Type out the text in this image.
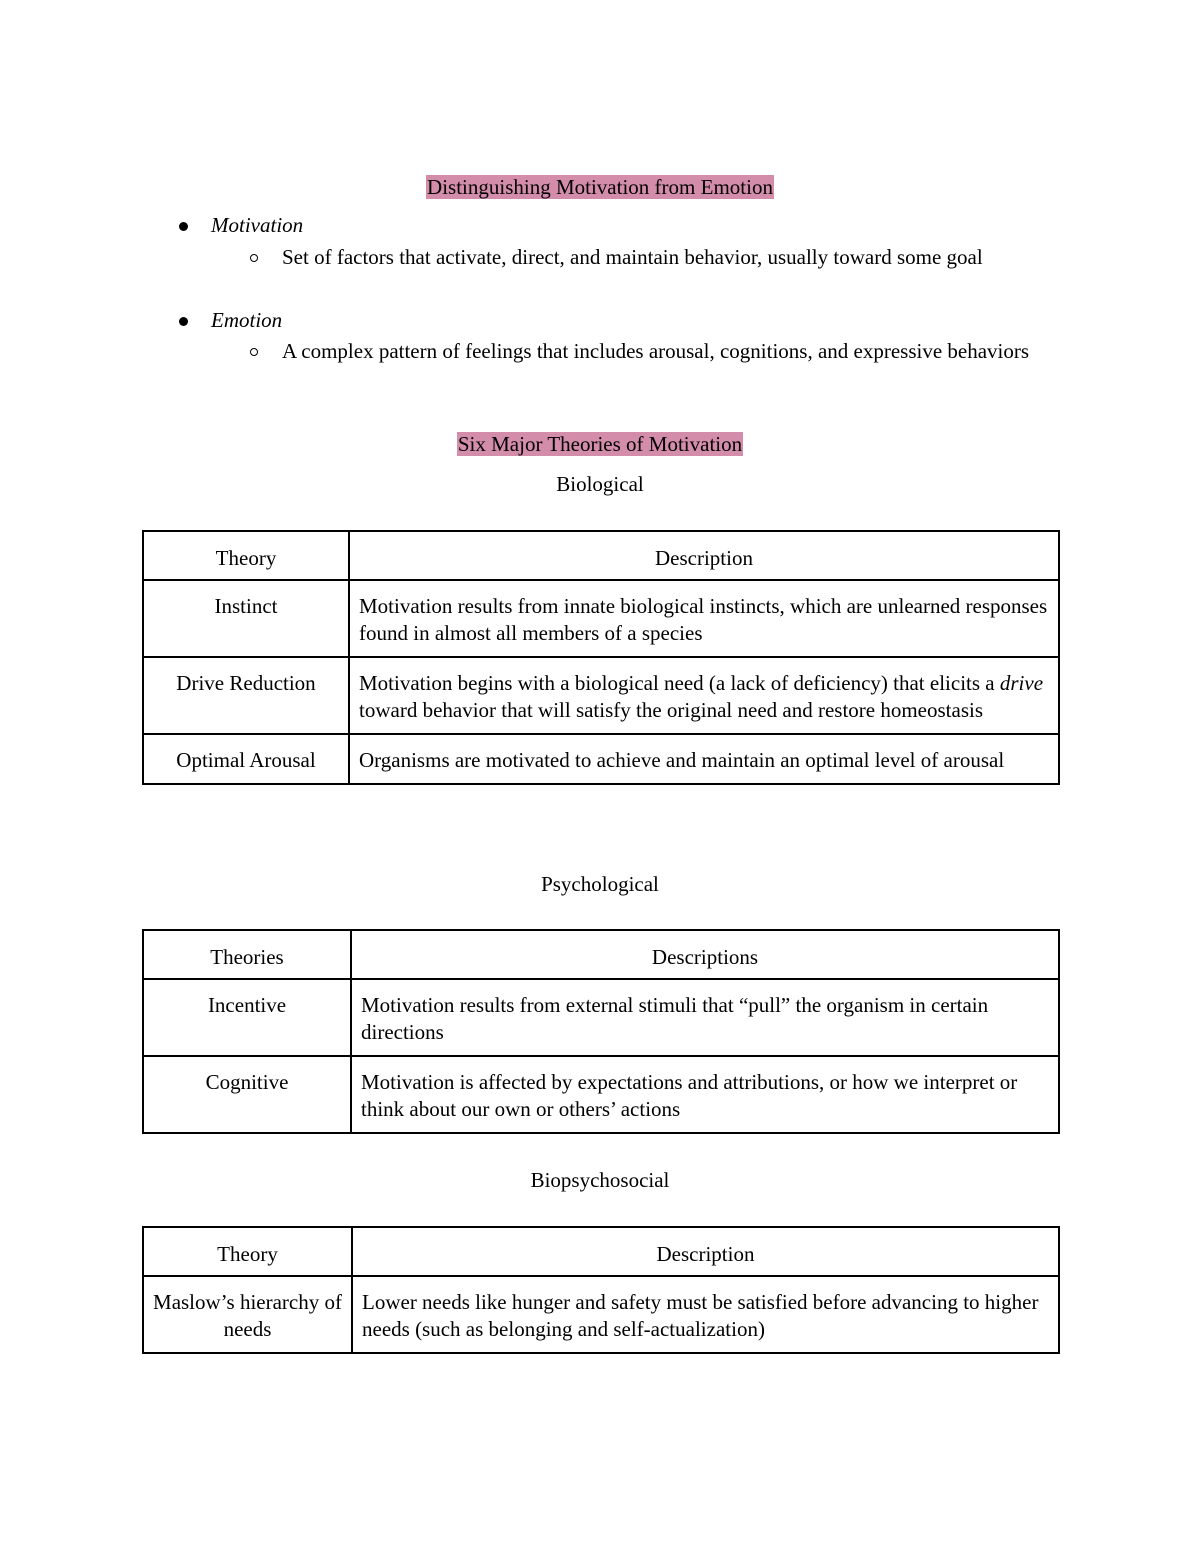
Distinguishing Motivation from Emotion
Motivation
Set of factors that activate, direct, and maintain behavior, usually toward some goal
Emotion
A complex pattern of feelings that includes arousal, cognitions, and expressive behaviors
Six Major Theories of Motivation
Biological
Theory	Description
Instinct	Motivation results from innate biological instincts, which are unlearned responses found in almost all members of a species
Drive Reduction	Motivation begins with a biological need (a lack of deficiency) that elicits a drive toward behavior that will satisfy the original need and restore homeostasis
Optimal Arousal	Organisms are motivated to achieve and maintain an optimal level of arousal
Psychological
Theories	Descriptions
Incentive	Motivation results from external stimuli that “pull” the organism in certain directions
Cognitive	Motivation is affected by expectations and attributions, or how we interpret or think about our own or others’ actions
Biopsychosocial
Theory	Description
Maslow’s hierarchy of needs	Lower needs like hunger and safety must be satisfied before advancing to higher needs (such as belonging and self-actualization)
